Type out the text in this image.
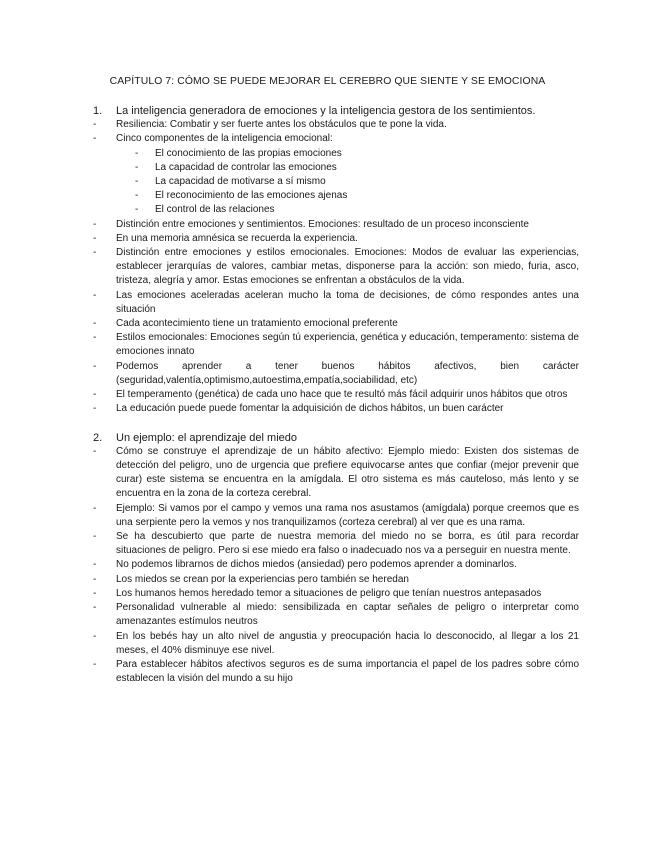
CAPÍTULO 7: CÓMO SE PUEDE MEJORAR EL CEREBRO QUE SIENTE Y SE EMOCIONA
1.	La inteligencia generadora de emociones y la inteligencia gestora de los sentimientos.
-	Resiliencia: Combatir y ser fuerte antes los obstáculos que te pone la vida.
-	Cinco componentes de la inteligencia emocional:
-	El conocimiento de las propias emociones
-	La capacidad de controlar las emociones
-	La capacidad de motivarse a sí mismo
-	El reconocimiento de las emociones ajenas
-	El control de las relaciones
-	Distinción entre emociones y sentimientos. Emociones: resultado de un proceso inconsciente
-	En una memoria amnésica se recuerda la experiencia.
-	Distinción entre emociones y estilos emocionales. Emociones: Modos de evaluar las experiencias, establecer jerarquías de valores, cambiar metas, disponerse para la acción: son miedo, furia, asco, tristeza, alegría y amor. Estas emociones se enfrentan a obstáculos de la vida.
-	Las emociones aceleradas aceleran mucho la toma de decisiones, de cómo respondes antes una situación
-	Cada acontecimiento tiene un tratamiento emocional preferente
-	Estilos emocionales: Emociones según tú experiencia, genética y educación, temperamento: sistema de emociones innato
-	Podemos aprender a tener buenos hábitos afectivos, bien carácter (seguridad,valentía,optimismo,autoestima,empatía,sociabilidad, etc)
-	El temperamento (genética) de cada uno hace que te resultó más fácil adquirir unos hábitos que otros
-	La educación puede puede fomentar la adquisición de dichos hábitos, un buen carácter
2.	Un ejemplo: el aprendizaje del miedo
-	Cómo se construye el aprendizaje de un hábito afectivo: Ejemplo miedo: Existen dos sistemas de detección del peligro, uno de urgencia que prefiere equivocarse antes que confiar (mejor prevenir que curar) este sistema se encuentra en la amígdala. El otro sistema es más cauteloso, más lento y se encuentra en la zona de la corteza cerebral.
-	Ejemplo: Si vamos por el campo y vemos una rama nos asustamos (amígdala) porque creemos que es una serpiente pero la vemos y nos tranquilizamos (corteza cerebral) al ver que es una rama.
-	Se ha descubierto que parte de nuestra memoria del miedo no se borra, es útil para recordar situaciones de peligro. Pero si ese miedo era falso o inadecuado nos va a perseguir en nuestra mente.
-	No podemos librarnos de dichos miedos (ansiedad) pero podemos aprender a dominarlos.
-	Los miedos se crean por la experiencias pero también se heredan
-	Los humanos hemos heredado temor a situaciones de peligro que tenían nuestros antepasados
-	Personalidad vulnerable al miedo: sensibilizada en captar señales de peligro o interpretar como amenazantes estímulos neutros
-	En los bebés hay un alto nivel de angustia y preocupación hacia lo desconocido, al llegar a los 21 meses, el 40% disminuye ese nivel.
-	Para establecer hábitos afectivos seguros es de suma importancia el papel de los padres sobre cómo establecen la visión del mundo a su hijo
